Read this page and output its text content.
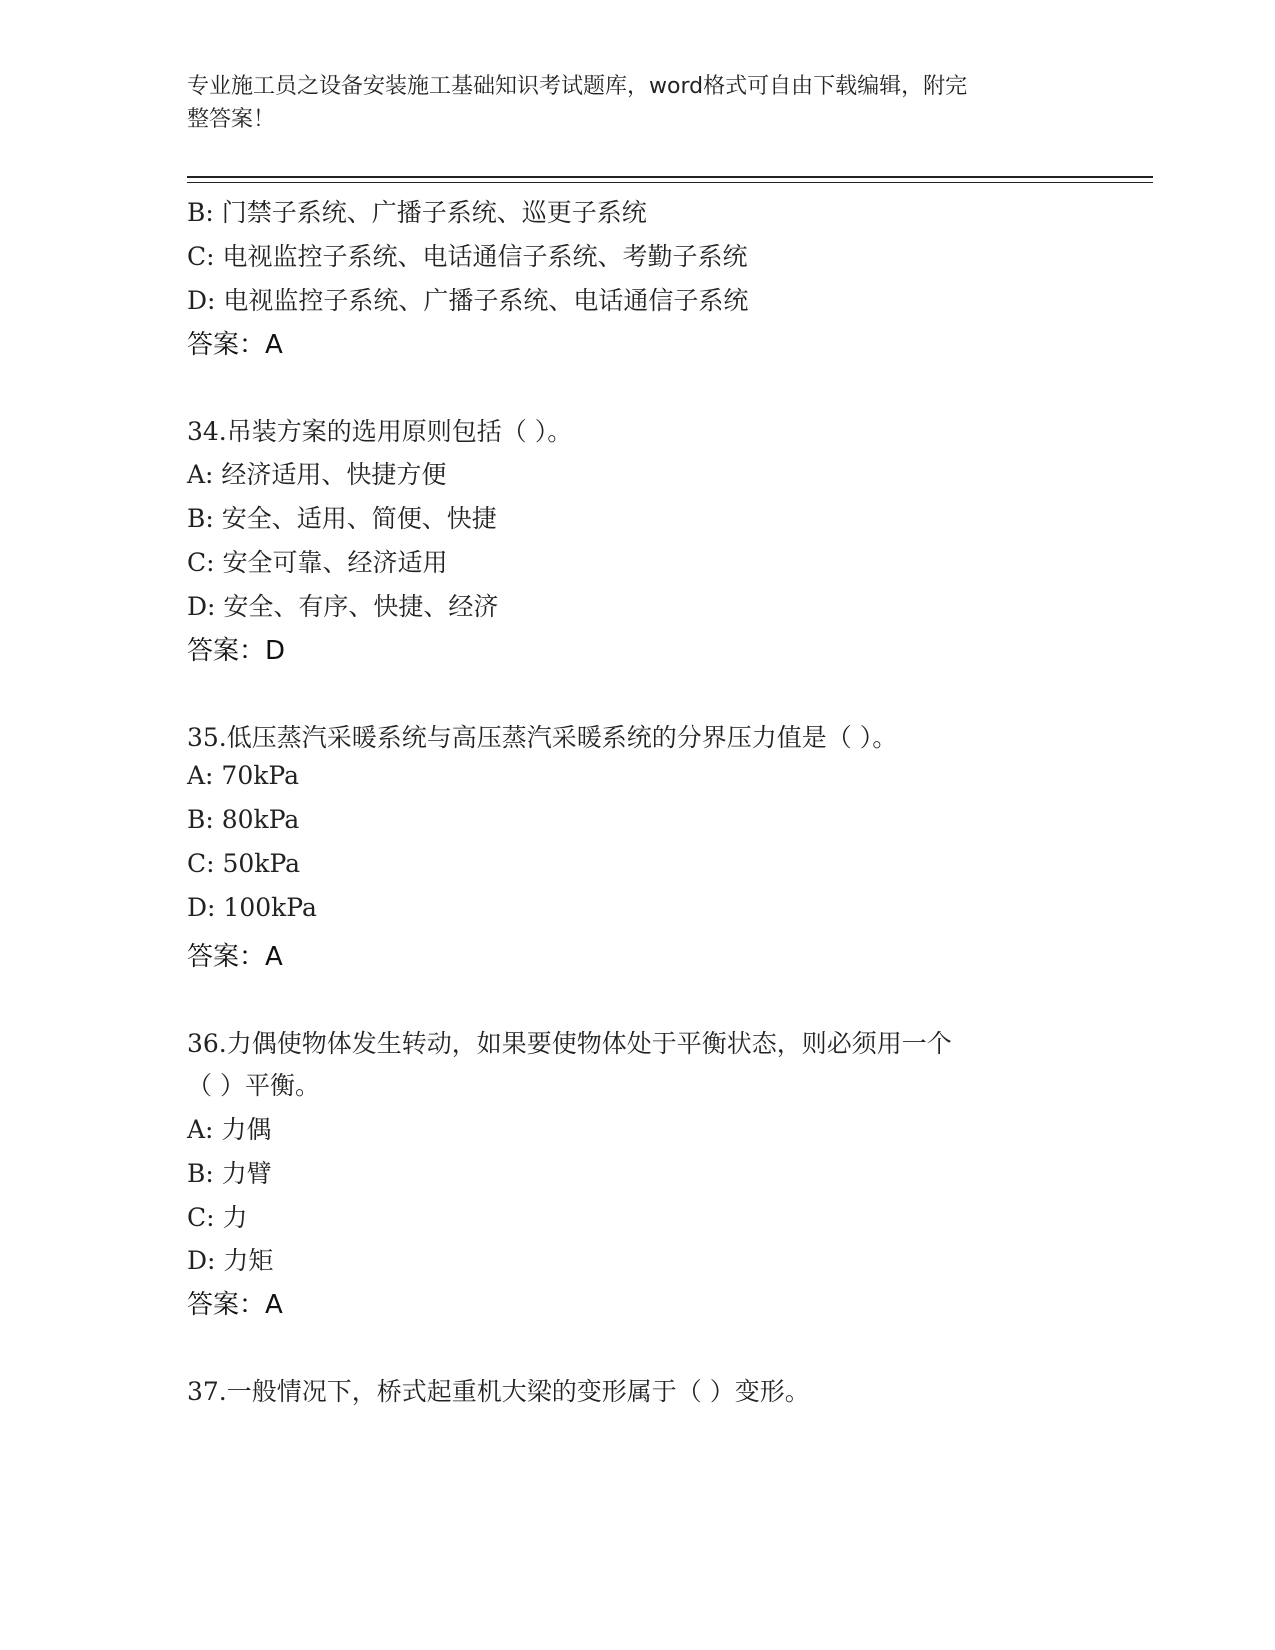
专业施工员之设备安装施工基础知识考试题库，word格式可自由下载编辑，附完
整答案！
B: 门禁子系统、广播子系统、巡更子系统
C: 电视监控子系统、电话通信子系统、考勤子系统
D: 电视监控子系统、广播子系统、电话通信子系统
答案：A
34.吊装方案的选用原则包括（ ）。
A: 经济适用、快捷方便
B: 安全、适用、简便、快捷
C: 安全可靠、经济适用
D: 安全、有序、快捷、经济
答案：D
35.低压蒸汽采暖系统与高压蒸汽采暖系统的分界压力值是（ ）。
A: 70kPa
B: 80kPa
C: 50kPa
D: 100kPa
答案：A
36.力偶使物体发生转动，如果要使物体处于平衡状态，则必须用一个
（ ）平衡。
A: 力偶
B: 力臂
C: 力
D: 力矩
答案：A
37.一般情况下，桥式起重机大梁的变形属于（ ）变形。
